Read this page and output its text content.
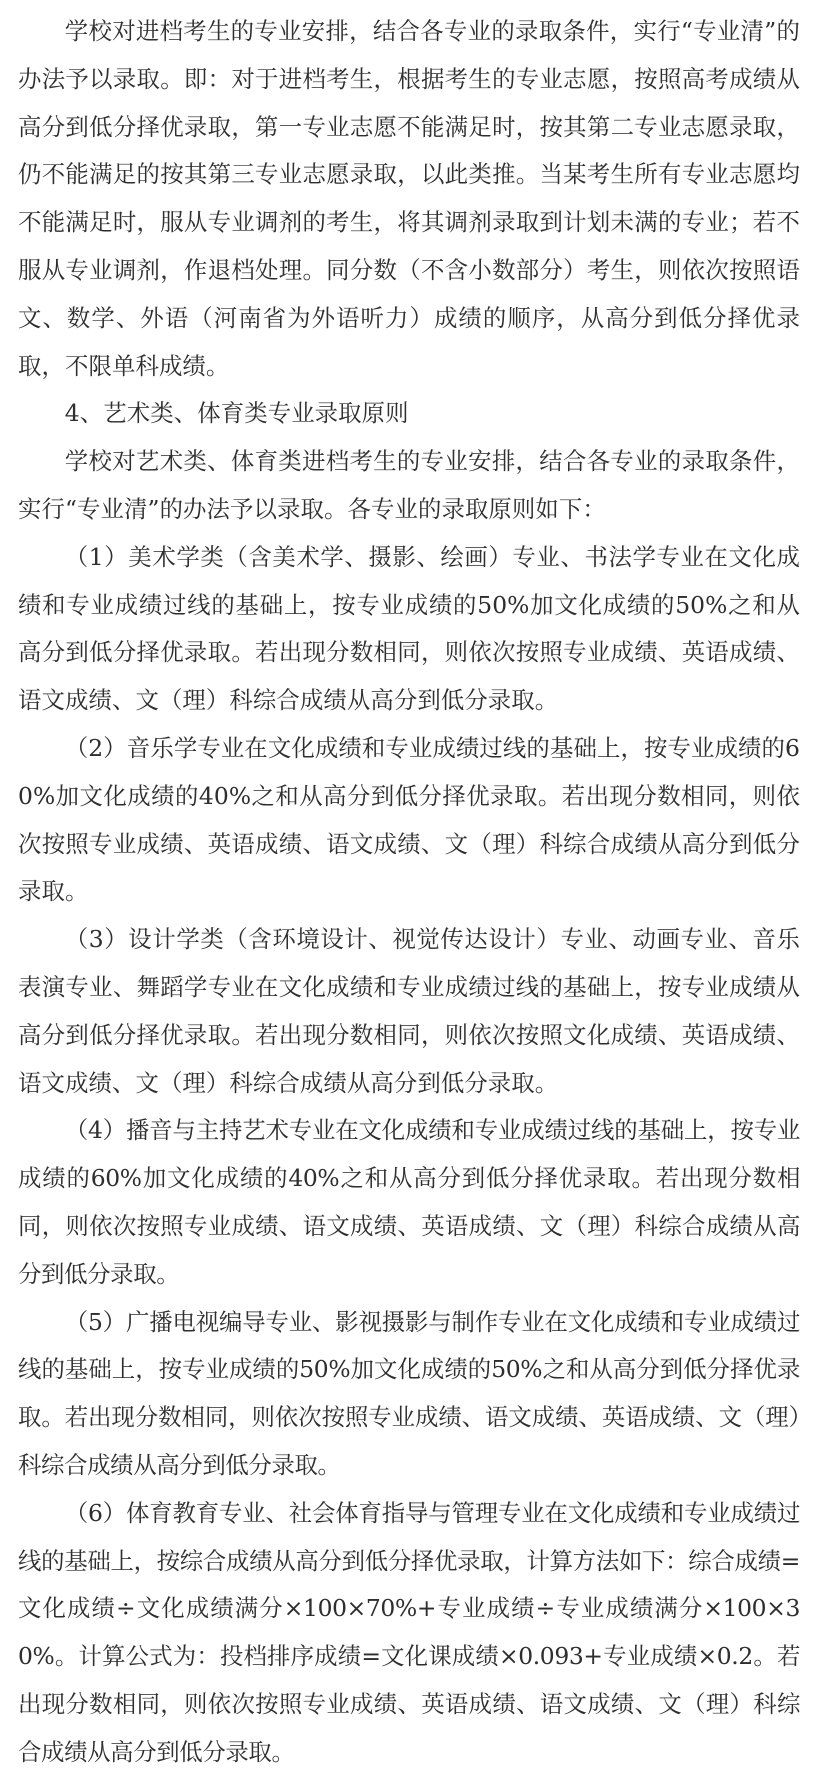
学校对进档考生的专业安排，结合各专业的录取条件，实行“专业清”的办法予以录取。即：对于进档考生，根据考生的专业志愿，按照高考成绩从高分到低分择优录取，第一专业志愿不能满足时，按其第二专业志愿录取，仍不能满足的按其第三专业志愿录取，以此类推。当某考生所有专业志愿均不能满足时，服从专业调剂的考生，将其调剂录取到计划未满的专业；若不服从专业调剂，作退档处理。同分数（不含小数部分）考生，则依次按照语文、数学、外语（河南省为外语听力）成绩的顺序，从高分到低分择优录取，不限单科成绩。

4、艺术类、体育类专业录取原则

学校对艺术类、体育类进档考生的专业安排，结合各专业的录取条件，实行“专业清”的办法予以录取。各专业的录取原则如下：

（1）美术学类（含美术学、摄影、绘画）专业、书法学专业在文化成绩和专业成绩过线的基础上，按专业成绩的50%加文化成绩的50%之和从高分到低分择优录取。若出现分数相同，则依次按照专业成绩、英语成绩、语文成绩、文（理）科综合成绩从高分到低分录取。

（2）音乐学专业在文化成绩和专业成绩过线的基础上，按专业成绩的60%加文化成绩的40%之和从高分到低分择优录取。若出现分数相同，则依次按照专业成绩、英语成绩、语文成绩、文（理）科综合成绩从高分到低分录取。

（3）设计学类（含环境设计、视觉传达设计）专业、动画专业、音乐表演专业、舞蹈学专业在文化成绩和专业成绩过线的基础上，按专业成绩从高分到低分择优录取。若出现分数相同，则依次按照文化成绩、英语成绩、语文成绩、文（理）科综合成绩从高分到低分录取。

（4）播音与主持艺术专业在文化成绩和专业成绩过线的基础上，按专业成绩的60%加文化成绩的40%之和从高分到低分择优录取。若出现分数相同，则依次按照专业成绩、语文成绩、英语成绩、文（理）科综合成绩从高分到低分录取。

（5）广播电视编导专业、影视摄影与制作专业在文化成绩和专业成绩过线的基础上，按专业成绩的50%加文化成绩的50%之和从高分到低分择优录取。若出现分数相同，则依次按照专业成绩、语文成绩、英语成绩、文（理）科综合成绩从高分到低分录取。

（6）体育教育专业、社会体育指导与管理专业在文化成绩和专业成绩过线的基础上，按综合成绩从高分到低分择优录取，计算方法如下：综合成绩=文化成绩÷文化成绩满分×100×70%+专业成绩÷专业成绩满分×100×30%。计算公式为：投档排序成绩=文化课成绩×0.093+专业成绩×0.2。若出现分数相同，则依次按照专业成绩、英语成绩、语文成绩、文（理）科综合成绩从高分到低分录取。
